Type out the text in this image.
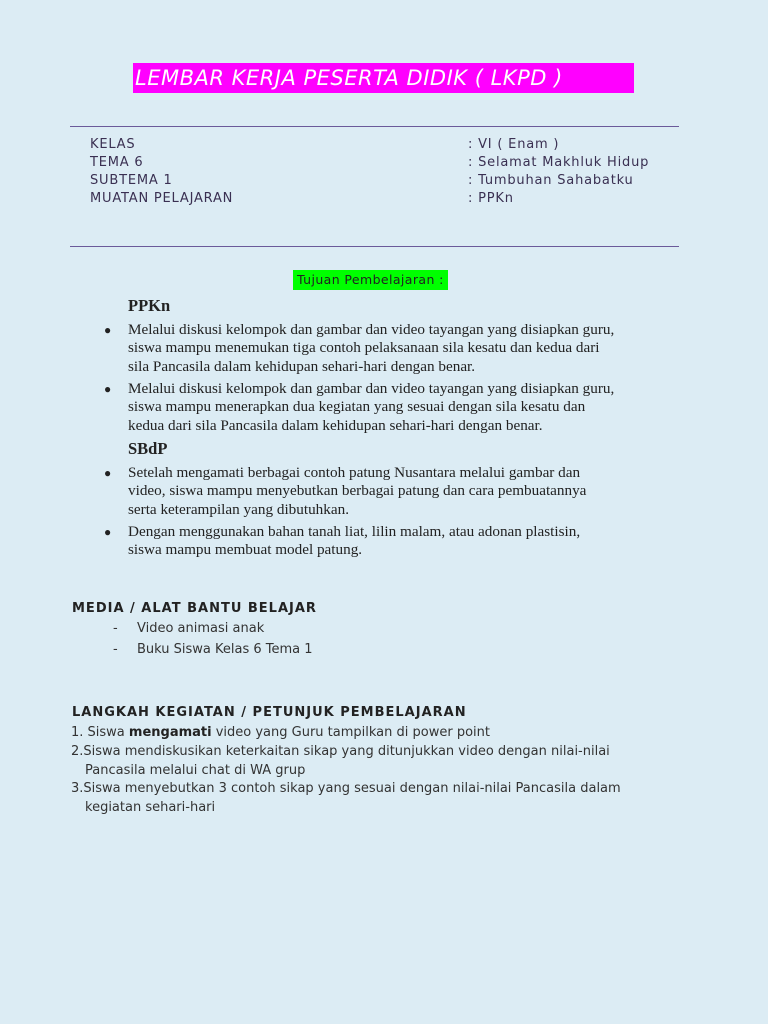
LEMBAR KERJA PESERTA DIDIK ( LKPD )
KELAS	: VI ( Enam )
TEMA 6	: Selamat Makhluk Hidup
SUBTEMA 1	: Tumbuhan Sahabatku
MUATAN PELAJARAN	: PPKn
Tujuan Pembelajaran :
PPKn
● Melalui diskusi kelompok dan gambar dan video tayangan yang disiapkan guru,
siswa mampu menemukan tiga contoh pelaksanaan sila kesatu dan kedua dari
sila Pancasila dalam kehidupan sehari-hari dengan benar.
● Melalui diskusi kelompok dan gambar dan video tayangan yang disiapkan guru,
siswa mampu menerapkan dua kegiatan yang sesuai dengan sila kesatu dan
kedua dari sila Pancasila dalam kehidupan sehari-hari dengan benar.
SBdP
● Setelah mengamati berbagai contoh patung Nusantara melalui gambar dan
video, siswa mampu menyebutkan berbagai patung dan cara pembuatannya
serta keterampilan yang dibutuhkan.
● Dengan menggunakan bahan tanah liat, lilin malam, atau adonan plastisin,
siswa mampu membuat model patung.
MEDIA / ALAT BANTU BELAJAR
- Video animasi anak
- Buku Siswa Kelas 6 Tema 1
LANGKAH KEGIATAN / PETUNJUK PEMBELAJARAN
1. Siswa mengamati video yang Guru tampilkan di power point
2.Siswa mendiskusikan keterkaitan sikap yang ditunjukkan video dengan nilai-nilai
Pancasila melalui chat di WA grup
3.Siswa menyebutkan 3 contoh sikap yang sesuai dengan nilai-nilai Pancasila dalam
kegiatan sehari-hari
